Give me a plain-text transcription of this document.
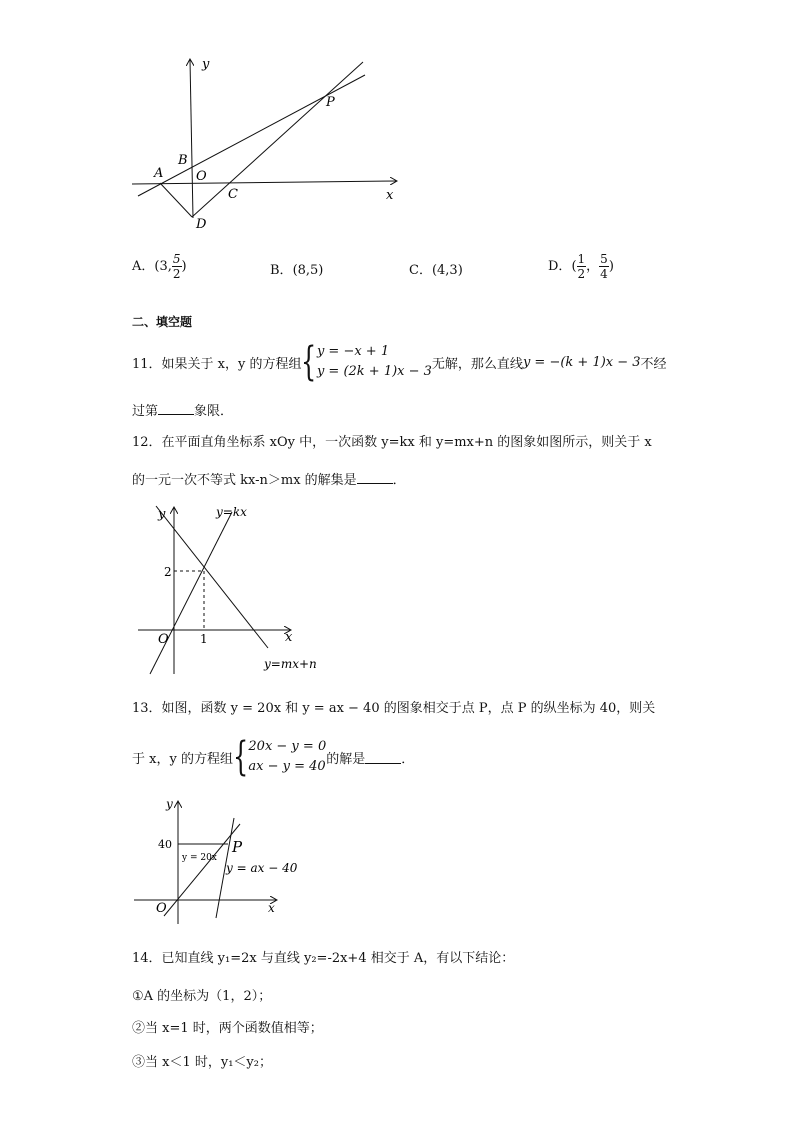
y
x
P
B
A	O
C
D
A．(3, $\frac{5}{2}$ )	B．(8,5)	C．(4,3)	D．( $\frac{1}{2}$ ， $\frac{5}{4}$ )
二、填空题
11．如果关于 x，y 的方程组 { y = −x + 1
y = (2k + 1)x − 3 无解，那么直线 y = −(k + 1)x − 3 不经
过第	象限．
12．在平面直角坐标系 xOy 中，一次函数 y=kx 和 y=mx+n 的图象如图所示，则关于 x
的一元一次不等式 kx-n＞mx 的解集是	．
y
x
O
2
1
y=kx
y=mx+n
13．如图，函数 y = 20x 和 y = ax − 40 的图象相交于点 P，点 P 的纵坐标为 40，则关
于 x，y 的方程组 { 20x − y = 0
ax − y = 40 的解是	．
y
x
O
40
y = 20x
P
y = ax − 40
14．已知直线 y₁=2x 与直线 y₂=-2x+4 相交于 A，有以下结论：
①A 的坐标为（1，2）；
②当 x=1 时，两个函数值相等；
③当 x＜1 时，y₁＜y₂；
